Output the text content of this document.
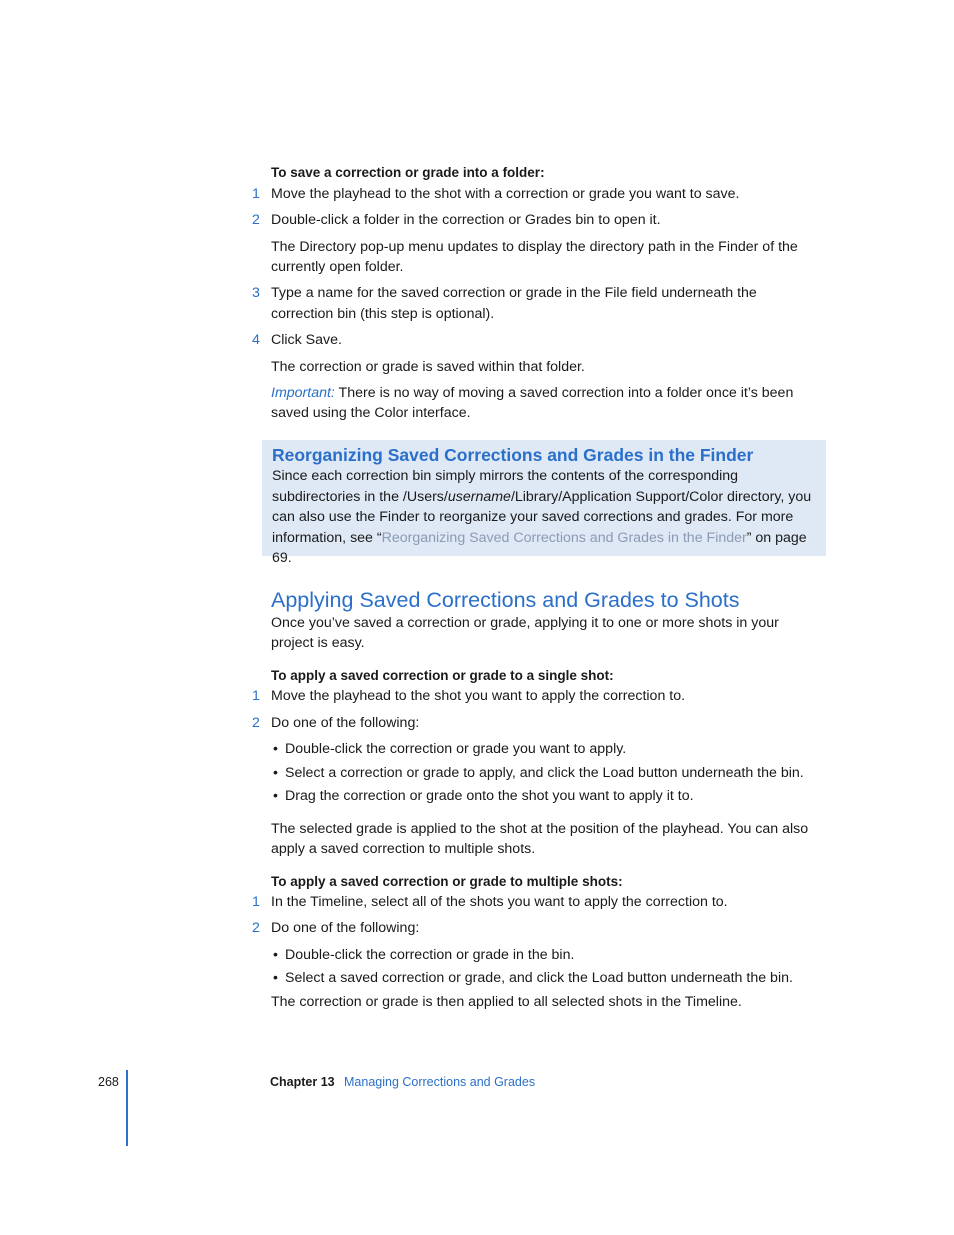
To save a correction or grade into a folder:
1 Move the playhead to the shot with a correction or grade you want to save.
2 Double-click a folder in the correction or Grades bin to open it.
The Directory pop-up menu updates to display the directory path in the Finder of the
currently open folder.
3 Type a name for the saved correction or grade in the File field underneath the
correction bin (this step is optional).
4 Click Save.
The correction or grade is saved within that folder.
Important: There is no way of moving a saved correction into a folder once it’s been
saved using the Color interface.
Reorganizing Saved Corrections and Grades in the Finder
Since each correction bin simply mirrors the contents of the corresponding
subdirectories in the /Users/username/Library/Application Support/Color directory, you
can also use the Finder to reorganize your saved corrections and grades. For more
information, see “Reorganizing Saved Corrections and Grades in the Finder” on page 69.
Applying Saved Corrections and Grades to Shots
Once you’ve saved a correction or grade, applying it to one or more shots in your
project is easy.
To apply a saved correction or grade to a single shot:
1 Move the playhead to the shot you want to apply the correction to.
2 Do one of the following:
• Double-click the correction or grade you want to apply.
• Select a correction or grade to apply, and click the Load button underneath the bin.
• Drag the correction or grade onto the shot you want to apply it to.
The selected grade is applied to the shot at the position of the playhead. You can also
apply a saved correction to multiple shots.
To apply a saved correction or grade to multiple shots:
1 In the Timeline, select all of the shots you want to apply the correction to.
2 Do one of the following:
• Double-click the correction or grade in the bin.
• Select a saved correction or grade, and click the Load button underneath the bin.
The correction or grade is then applied to all selected shots in the Timeline.
268	Chapter 13 Managing Corrections and Grades
